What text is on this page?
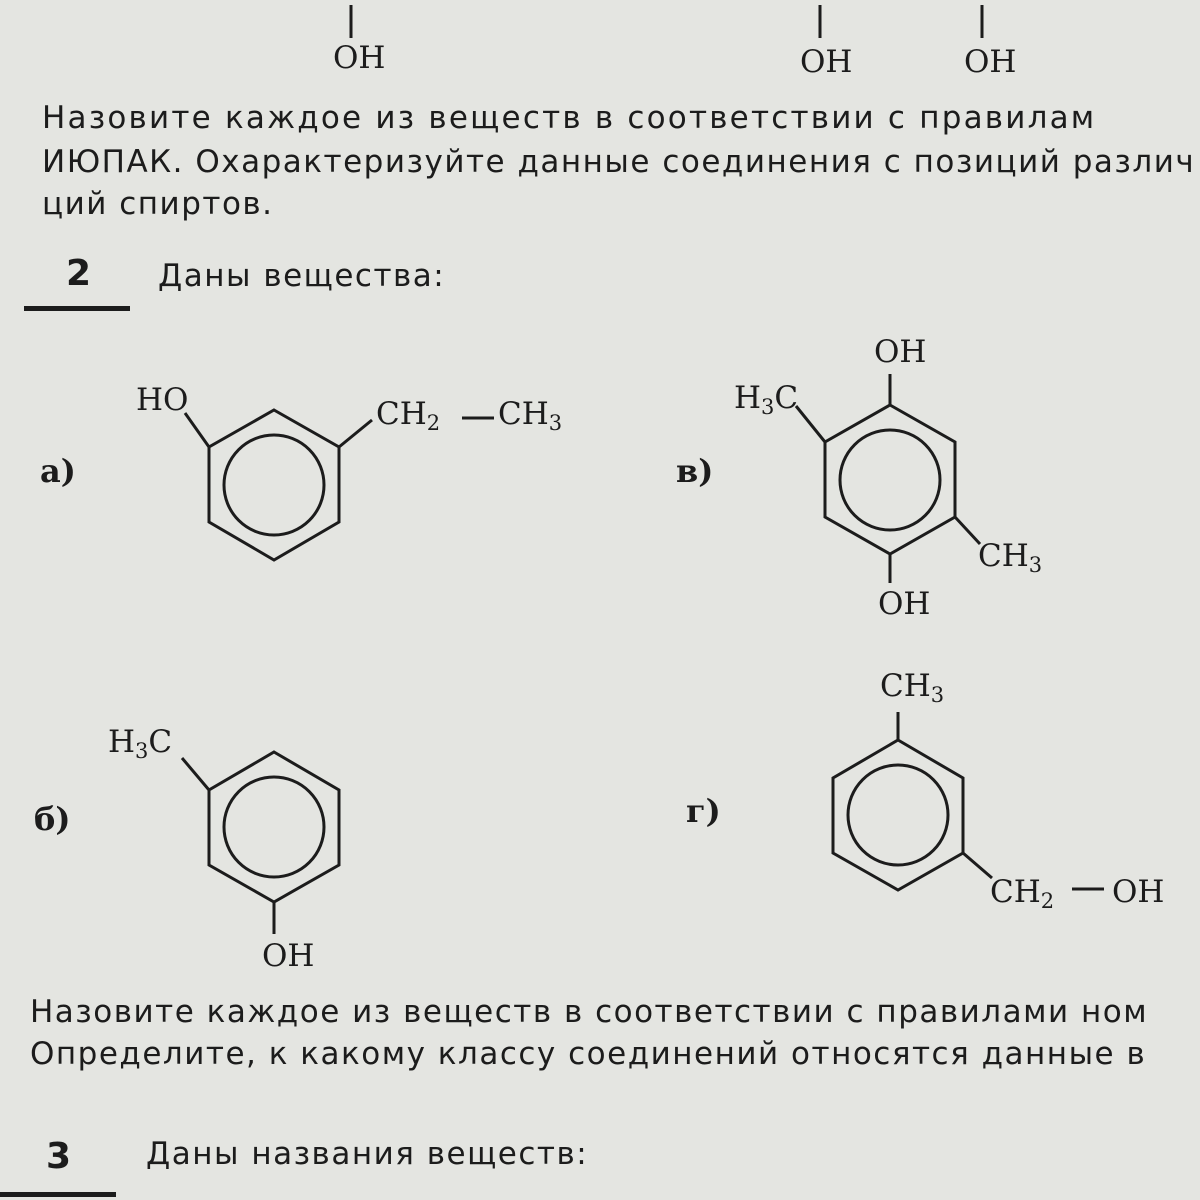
OH	OH	OH
Назовите каждое из веществ в соответствии с правилам
ИЮПАК. Охарактеризуйте данные соединения с позиций различ
ций спиртов.
2 Даны вещества:
а)
HO	$CH_2$ $CH_3$
б)
$H_3C$
OH
в)
OH
$H_3C$
$CH_3$
OH
г)
$CH_3$
$CH_2$ OH
Назовите каждое из веществ в соответствии с правилами ном
Определите, к какому классу соединений относятся данные в
3 Даны названия веществ:
